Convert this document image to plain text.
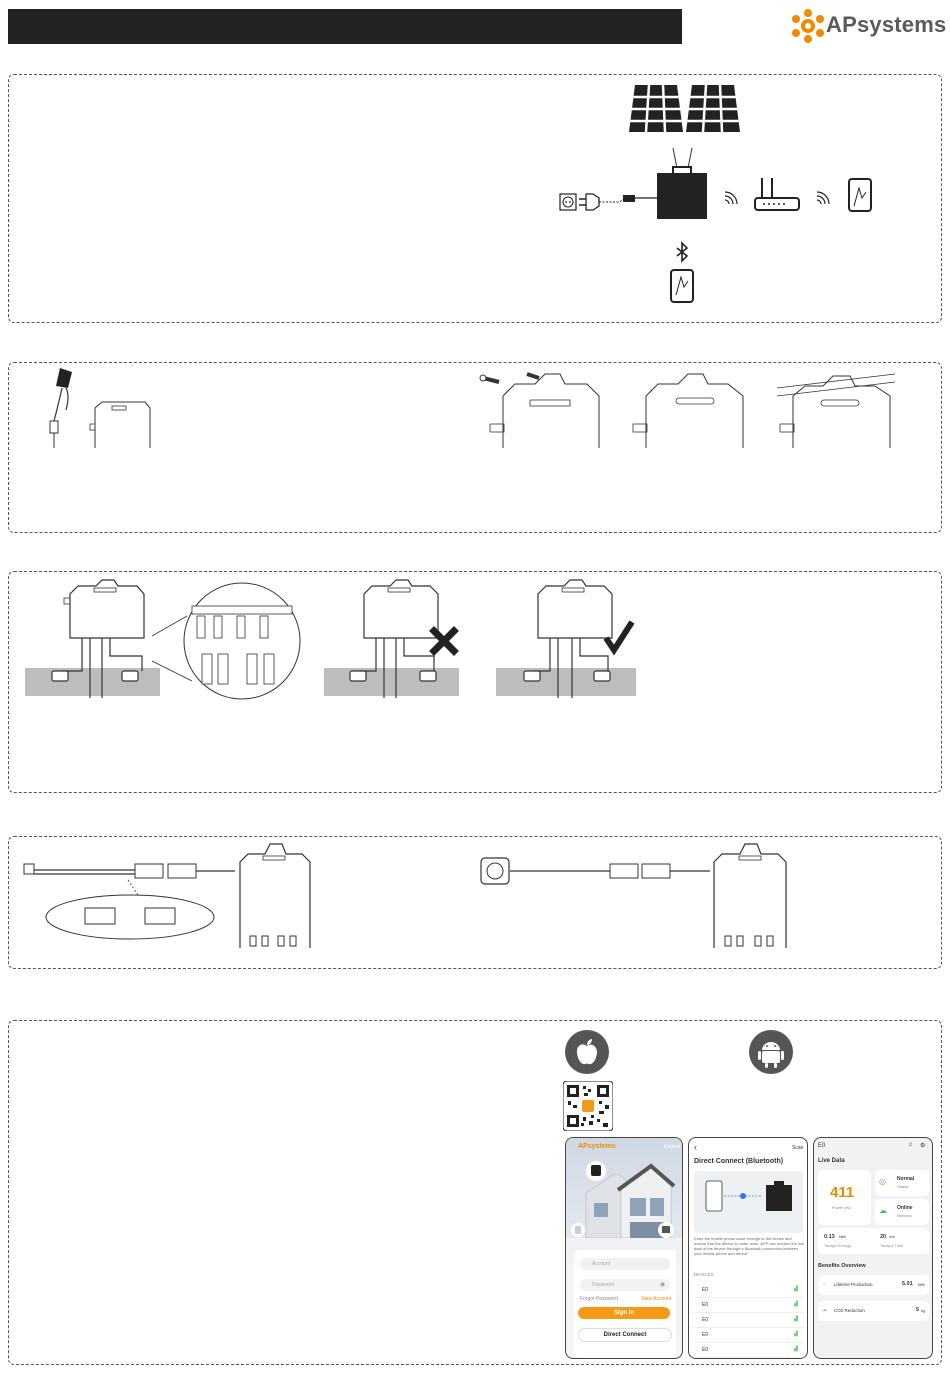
APsystems
APsystems	English
Account
Password	◉
Forgot Password	New Account
Sign In
Direct Connect
‹	Scan
Direct Connect (Bluetooth)
Keep the mobile phone close enough to the device and ensure that the device is under work. APP can monitor the live data of the device through a Bluetooth connection between your mobile phone and device.
DEVICES
E0	▟
E0	▟
E0	▟
E0	▟
E0	▟
E0	♫ ⚙
Live Data
411
Power (W)
◎ Normal
Status
☁ Online
Network
0.13 kWh
Today's Energy
20 min
Today's Time
Benefits Overview
☼ Lifetime Production	5.01 kWh
☁ CO2 Reduction	5 kg
